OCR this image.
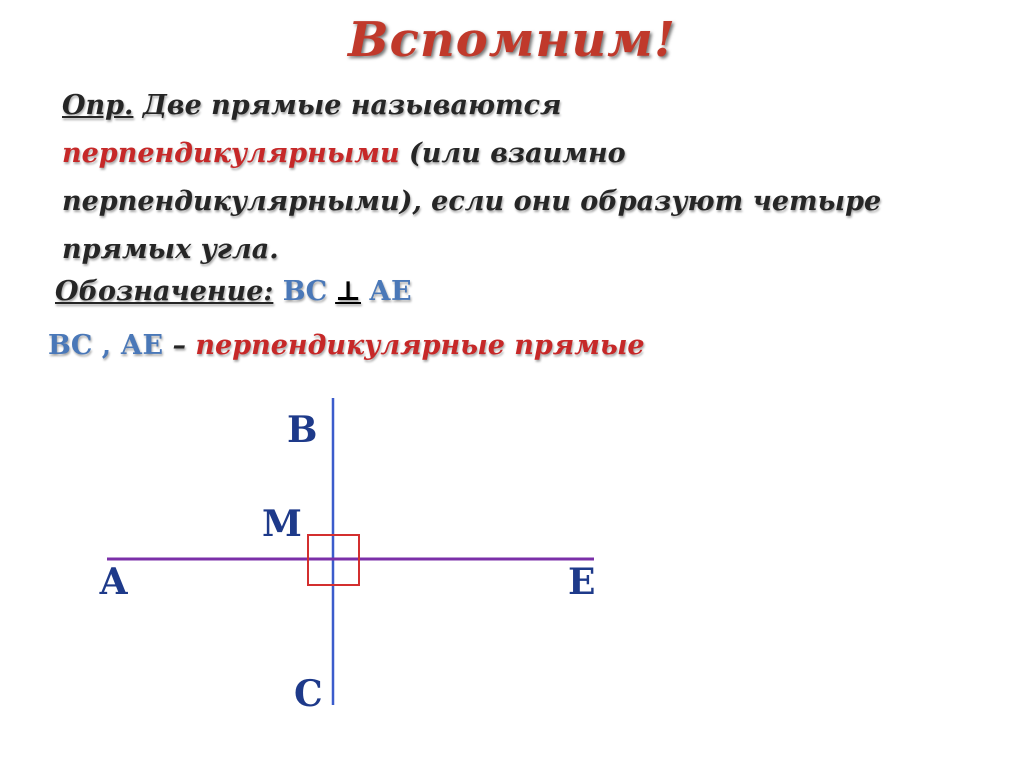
Вспомним!
Опр. Две прямые называются
перпендикулярными (или взаимно
перпендикулярными), если они образуют четыре
прямых угла.
Обозначение: ВС ⊥ АЕ
ВС , АЕ – перпендикулярные прямые
В
М
А	Е
С
